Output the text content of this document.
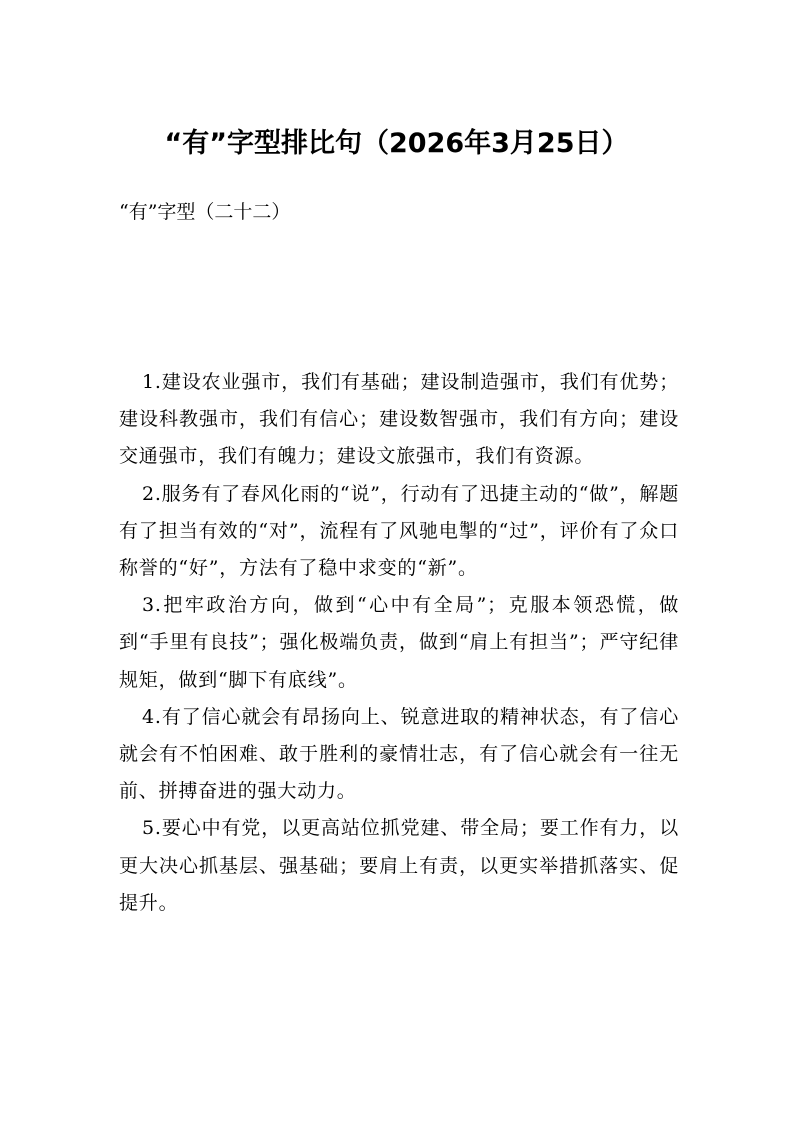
“有”字型排比句（2026年3月25日）
“有”字型（二十二）

1.建设农业强市，我们有基础；建设制造强市，我们有优势；建设科教强市，我们有信心；建设数智强市，我们有方向；建设交通强市，我们有魄力；建设文旅强市，我们有资源。

2.服务有了春风化雨的“说”，行动有了迅捷主动的“做”，解题有了担当有效的“对”，流程有了风驰电掣的“过”，评价有了众口称誉的“好”，方法有了稳中求变的“新”。

3.把牢政治方向，做到“心中有全局”；克服本领恐慌，做到“手里有良技”；强化极端负责，做到“肩上有担当”；严守纪律规矩，做到“脚下有底线”。

4.有了信心就会有昂扬向上、锐意进取的精神状态，有了信心就会有不怕困难、敢于胜利的豪情壮志，有了信心就会有一往无前、拼搏奋进的强大动力。

5.要心中有党，以更高站位抓党建、带全局；要工作有力，以更大决心抓基层、强基础；要肩上有责，以更实举措抓落实、促提升。
